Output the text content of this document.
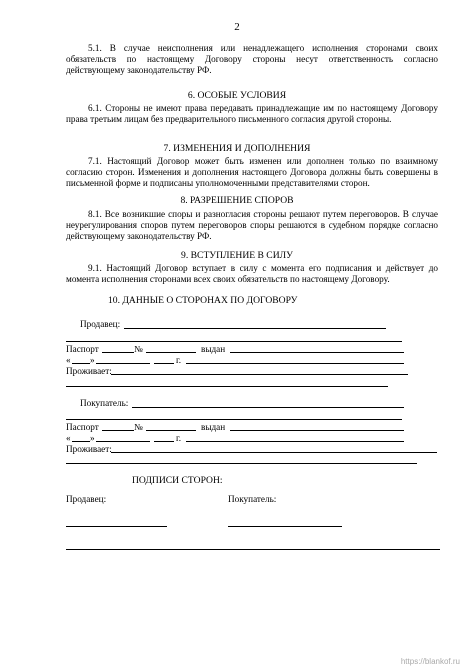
2
5.1. В случае неисполнения или ненадлежащего исполнения сторонами своих обязательств по настоящему Договору стороны несут ответственность согласно действующему законодательству РФ.
6. ОСОБЫЕ УСЛОВИЯ
6.1. Стороны не имеют права передавать принадлежащие им по настоящему Договору права третьим лицам без предварительного письменного согласия другой стороны.
7. ИЗМЕНЕНИЯ И ДОПОЛНЕНИЯ
7.1. Настоящий Договор может быть изменен или дополнен только по взаимному согласию сторон. Изменения и дополнения настоящего Договора должны быть совершены в письменной форме и подписаны уполномоченными представителями сторон.
8. РАЗРЕШЕНИЕ СПОРОВ
8.1. Все возникшие споры и разногласия стороны решают путем переговоров. В случае неурегулирования споров путем переговоров споры решаются в судебном порядке согласно действующему законодательству РФ.
9. ВСТУПЛЕНИЕ В СИЛУ
9.1. Настоящий Договор вступает в силу с момента его подписания и действует до момента исполнения сторонами всех своих обязательств по настоящему Договору.
10. ДАННЫЕ О СТОРОНАХ ПО ДОГОВОРУ
Продавец:
Паспорт	№	выдан
« »	г.
Проживает:
Покупатель:
Паспорт	№	выдан
« »	г.
Проживает:
ПОДПИСИ СТОРОН:
Продавец:	Покупатель:
https://blankof.ru
